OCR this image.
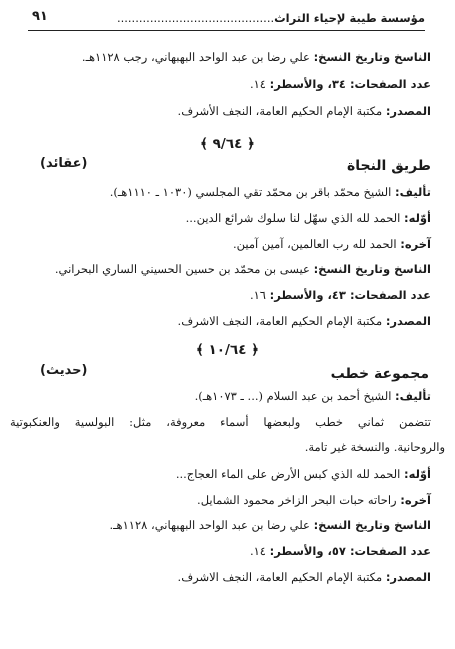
مؤسسة طيبة لإحياء التراث...........................................
٩١
الناسخ وتاريخ النسخ: علي رضا بن عبد الواحد البهبهاني، رجب ١١٢٨هـ.
عدد الصفحات: ٣٤، والأسطر: ١٤.
المصدر: مكتبة الإمام الحكيم العامة، النجف الأشرف.
﴿ ٩/٦٤ ﴾
طريق النجاة
(عقائد)
تأليف: الشيخ محمّد باقر بن محمّد تقي المجلسي (١٠٣٠ ـ ١١١٠هـ).
أوّله: الحمد لله الذي سهّل لنا سلوك شرائع الدين...
آخره: الحمد لله رب العالمين، آمين آمين.
الناسخ وتاريخ النسخ: عيسى بن محمّد بن حسين الحسيني الساري البحراني.
عدد الصفحات: ٤٣، والأسطر: ١٦.
المصدر: مكتبة الإمام الحكيم العامة، النجف الاشرف.
﴿ ١٠/٦٤ ﴾
مجموعة خطب
(حديث)
تأليف: الشيخ أحمد بن عبد السلام (... ـ ١٠٧٣هـ).
تتضمن ثماني خطب ولبعضها أسماء معروفة، مثل: البولسية والعنكبوتية
والروحانية. والنسخة غير تامة.
أوّله: الحمد لله الذي كبس الأرض على الماء العجاج...
آخره: راحاته حبات البحر الزاخر محمود الشمايل.
الناسخ وتاريخ النسخ: علي رضا بن عبد الواحد البهبهاني، ١١٢٨هـ.
عدد الصفحات: ٥٧، والأسطر: ١٤.
المصدر: مكتبة الإمام الحكيم العامة، النجف الاشرف.
